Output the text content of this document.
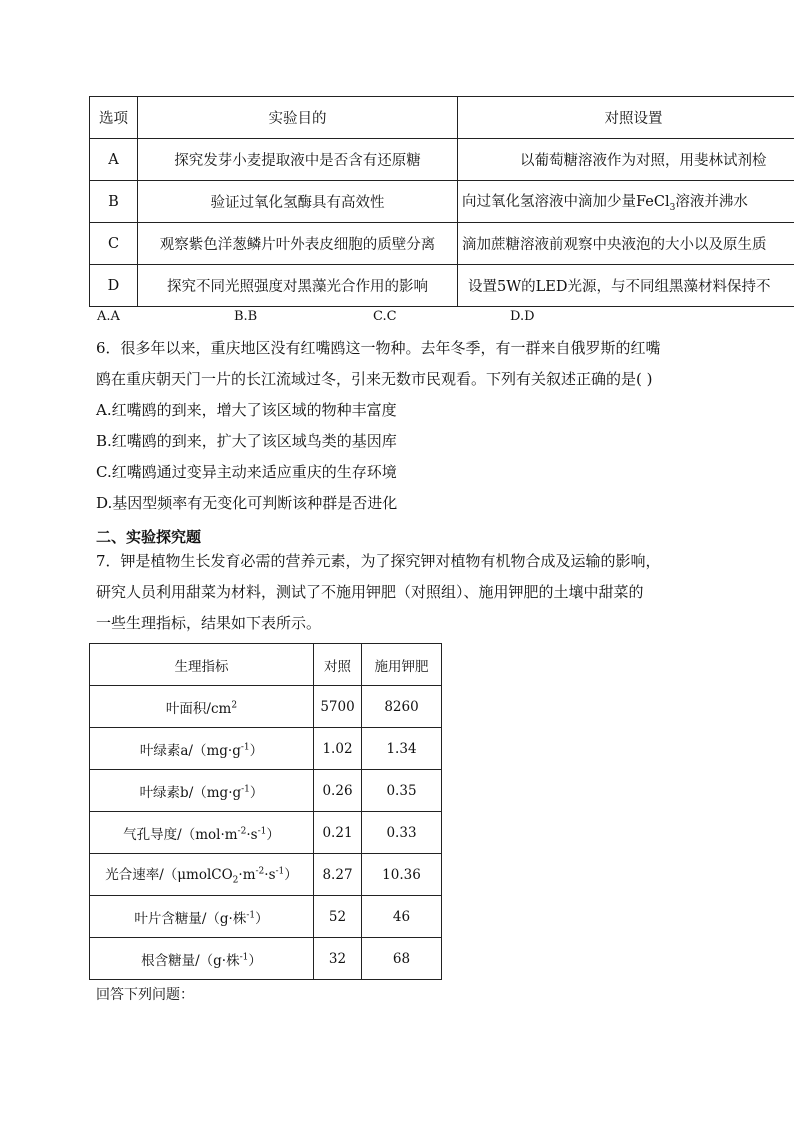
选项	实验目的	对照设置
A	探究发芽小麦提取液中是否含有还原糖	以葡萄糖溶液作为对照，用斐林试剂检
B	验证过氧化氢酶具有高效性	向过氧化氢溶液中滴加少量FeCl$_3$溶液并沸水
C	观察紫色洋葱鳞片叶外表皮细胞的质壁分离	滴加蔗糖溶液前观察中央液泡的大小以及原生质
D	探究不同光照强度对黑藻光合作用的影响	设置5W的LED光源，与不同组黑藻材料保持不
A.A	B.B	C.C	D.D
6．很多年以来，重庆地区没有红嘴鸥这一物种。去年冬季，有一群来自俄罗斯的红嘴
鸥在重庆朝天门一片的长江流域过冬，引来无数市民观看。下列有关叙述正确的是( )
A.红嘴鸥的到来，增大了该区域的物种丰富度
B.红嘴鸥的到来，扩大了该区域鸟类的基因库
C.红嘴鸥通过变异主动来适应重庆的生存环境
D.基因型频率有无变化可判断该种群是否进化
二、实验探究题
7．钾是植物生长发育必需的营养元素，为了探究钾对植物有机物合成及运输的影响，
研究人员利用甜菜为材料，测试了不施用钾肥（对照组）、施用钾肥的土壤中甜菜的
一些生理指标，结果如下表所示。
生理指标	对照	施用钾肥
叶面积$/cm^2$	5700	8260
叶绿素$a/(mg\cdot g^{-1})$	1.02	1.34
叶绿素$b/(mg\cdot g^{-1})$	0.26	0.35
气孔导度$/(mol\cdot m^{-2}\cdot s^{-1})$	0.21	0.33
光合速率$/(\mu molCO_2\cdot m^{-2}\cdot s^{-1})$	8.27	10.36
叶片含糖量/（g·株$^{-1}$）	52	46
根含糖量/（g·株$^{-1}$）	32	68
回答下列问题：
